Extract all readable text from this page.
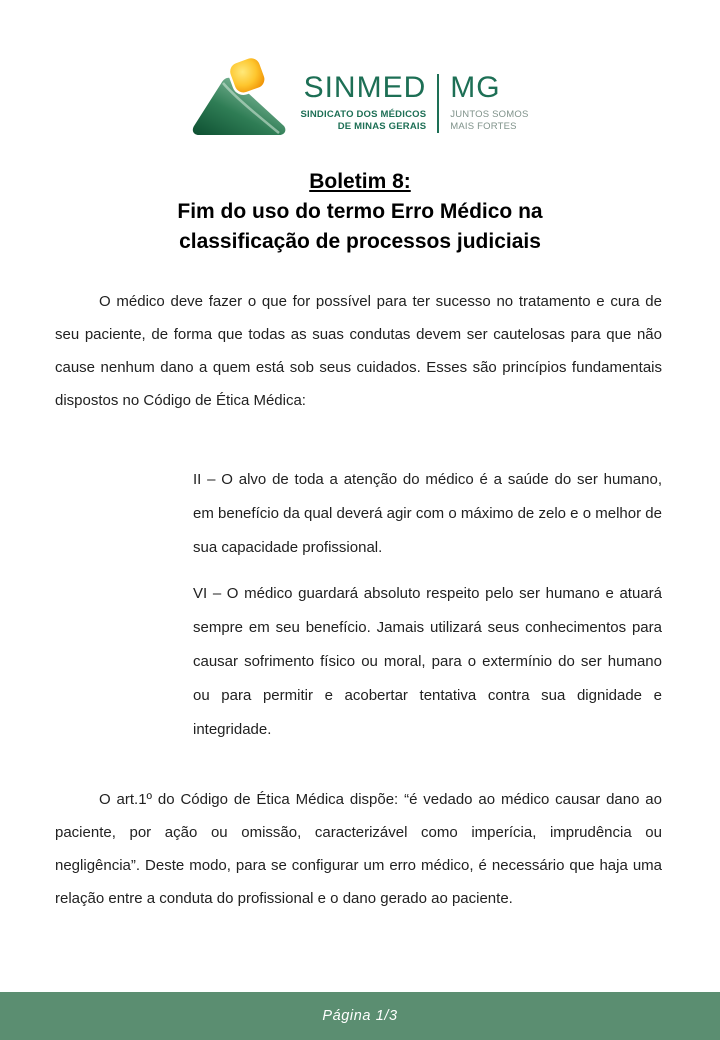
SINMED
SINDICATO DOS MÉDICOS
DE MINAS GERAIS
MG
JUNTOS SOMOS
MAIS FORTES
Boletim 8:
Fim do uso do termo Erro Médico na
classificação de processos judiciais

O médico deve fazer o que for possível para ter sucesso no tratamento e cura de seu paciente, de forma que todas as suas condutas devem ser cautelosas para que não cause nenhum dano a quem está sob seus cuidados. Esses são princípios fundamentais dispostos no Código de Ética Médica:

II – O alvo de toda a atenção do médico é a saúde do ser humano, em benefício da qual deverá agir com o máximo de zelo e o melhor de sua capacidade profissional.
VI – O médico guardará absoluto respeito pelo ser humano e atuará sempre em seu benefício. Jamais utilizará seus conhecimentos para causar sofrimento físico ou moral, para o extermínio do ser humano ou para permitir e acobertar tentativa contra sua dignidade e integridade.

O art.1º do Código de Ética Médica dispõe: “é vedado ao médico causar dano ao paciente, por ação ou omissão, caracterizável como imperícia, imprudência ou negligência”. Deste modo, para se configurar um erro médico, é necessário que haja uma relação entre a conduta do profissional e o dano gerado ao paciente.

Página 1/3
